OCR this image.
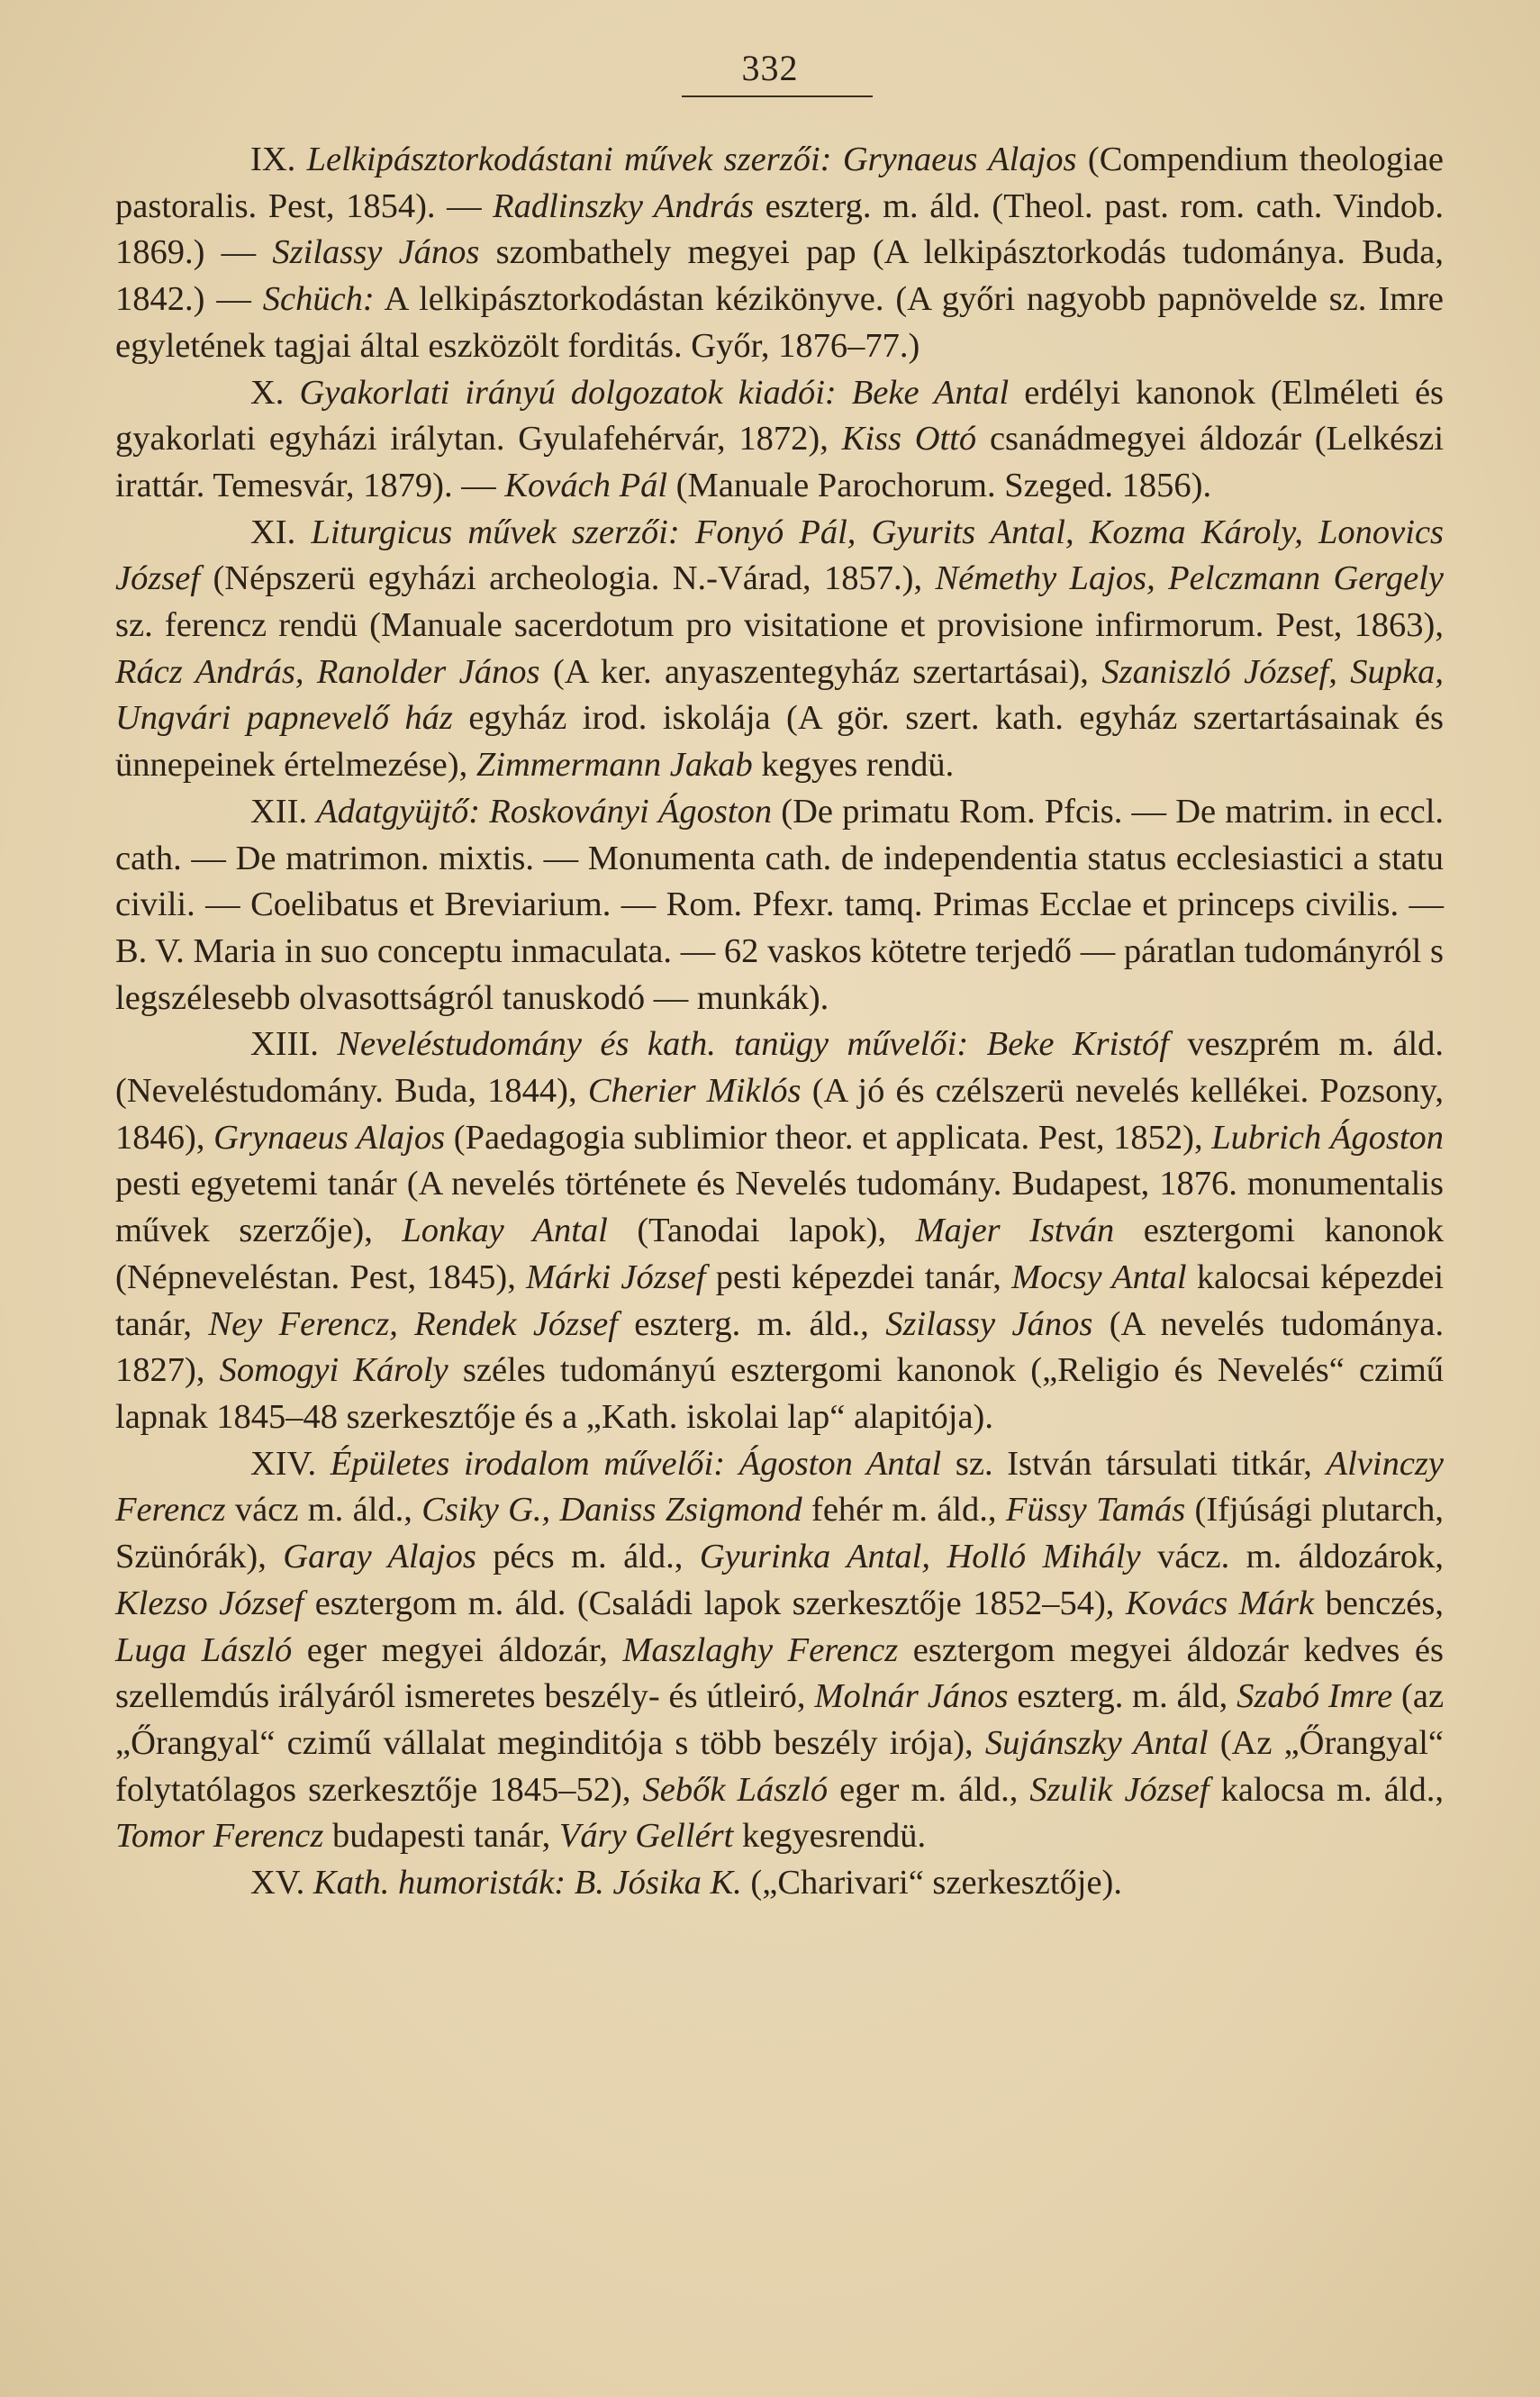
332

IX. Lelkipásztorkodástani művek szerzői: Grynaeus Alajos (Compendium theologiae pastoralis. Pest, 1854). — Radlinszky András eszterg. m. áld. (Theol. past. rom. cath. Vindob. 1869.) — Szilassy János szombathely megyei pap (A lelkipásztorkodás tudománya. Buda, 1842.) — Schüch: A lelkipásztorkodástan kézikönyve. (A győri nagyobb papnövelde sz. Imre egyletének tagjai által eszközölt forditás. Győr, 1876–77.)

X. Gyakorlati irányú dolgozatok kiadói: Beke Antal erdélyi kanonok (Elméleti és gyakorlati egyházi irálytan. Gyulafehérvár, 1872), Kiss Ottó csanádmegyei áldozár (Lelkészi irattár. Temesvár, 1879). — Kovách Pál (Manuale Parochorum. Szeged. 1856).

XI. Liturgicus művek szerzői: Fonyó Pál, Gyurits Antal, Kozma Károly, Lonovics József (Népszerü egyházi archeologia. N.-Várad, 1857.), Némethy Lajos, Pelczmann Gergely sz. ferencz rendü (Manuale sacerdotum pro visitatione et provisione infirmorum. Pest, 1863), Rácz András, Ranolder János (A ker. anyaszentegyház szertartásai), Szaniszló József, Supka, Ungvári papnevelő ház egyház irod. iskolája (A gör. szert. kath. egyház szertartásainak és ünnepeinek értelmezése), Zimmermann Jakab kegyes rendü.

XII. Adatgyüjtő: Roskoványi Ágoston (De primatu Rom. Pfcis. — De matrim. in eccl. cath. — De matrimon. mixtis. — Monumenta cath. de independentia status ecclesiastici a statu civili. — Coelibatus et Breviarium. — Rom. Pfexr. tamq. Primas Ecclae et princeps civilis. — B. V. Maria in suo conceptu inmaculata. — 62 vaskos kötetre terjedő — páratlan tudományról s legszélesebb olvasottságról tanuskodó — munkák).

XIII. Neveléstudomány és kath. tanügy művelői: Beke Kristóf veszprém m. áld. (Neveléstudomány. Buda, 1844), Cherier Miklós (A jó és czélszerü nevelés kellékei. Pozsony, 1846), Grynaeus Alajos (Paedagogia sublimior theor. et applicata. Pest, 1852), Lubrich Ágoston pesti egyetemi tanár (A nevelés története és Nevelés tudomány. Budapest, 1876. monumentalis művek szerzője), Lonkay Antal (Tanodai lapok), Majer István esztergomi kanonok (Népneveléstan. Pest, 1845), Márki József pesti képezdei tanár, Mocsy Antal kalocsai képezdei tanár, Ney Ferencz, Rendek József eszterg. m. áld., Szilassy János (A nevelés tudománya. 1827), Somogyi Károly széles tudományú esztergomi kanonok („Religio és Nevelés“ czimű lapnak 1845–48 szerkesztője és a „Kath. iskolai lap“ alapitója).

XIV. Épületes irodalom művelői: Ágoston Antal sz. István társulati titkár, Alvinczy Ferencz vácz m. áld., Csiky G., Daniss Zsigmond fehér m. áld., Füssy Tamás (Ifjúsági plutarch, Szünórák), Garay Alajos pécs m. áld., Gyurinka Antal, Holló Mihály vácz. m. áldozárok, Klezso József esztergom m. áld. (Családi lapok szerkesztője 1852–54), Kovács Márk benczés, Luga László eger megyei áldozár, Maszlaghy Ferencz esztergom megyei áldozár kedves és szellemdús irályáról ismeretes beszély- és útleiró, Molnár János eszterg. m. áld, Szabó Imre (az „Őrangyal“ czimű vállalat meginditója s több beszély irója), Sujánszky Antal (Az „Őrangyal“ folytatólagos szerkesztője 1845–52), Sebők László eger m. áld., Szulik József kalocsa m. áld., Tomor Ferencz budapesti tanár, Váry Gellért kegyesrendü.

XV. Kath. humoristák: B. Jósika K. („Charivari“ szerkesztője).
